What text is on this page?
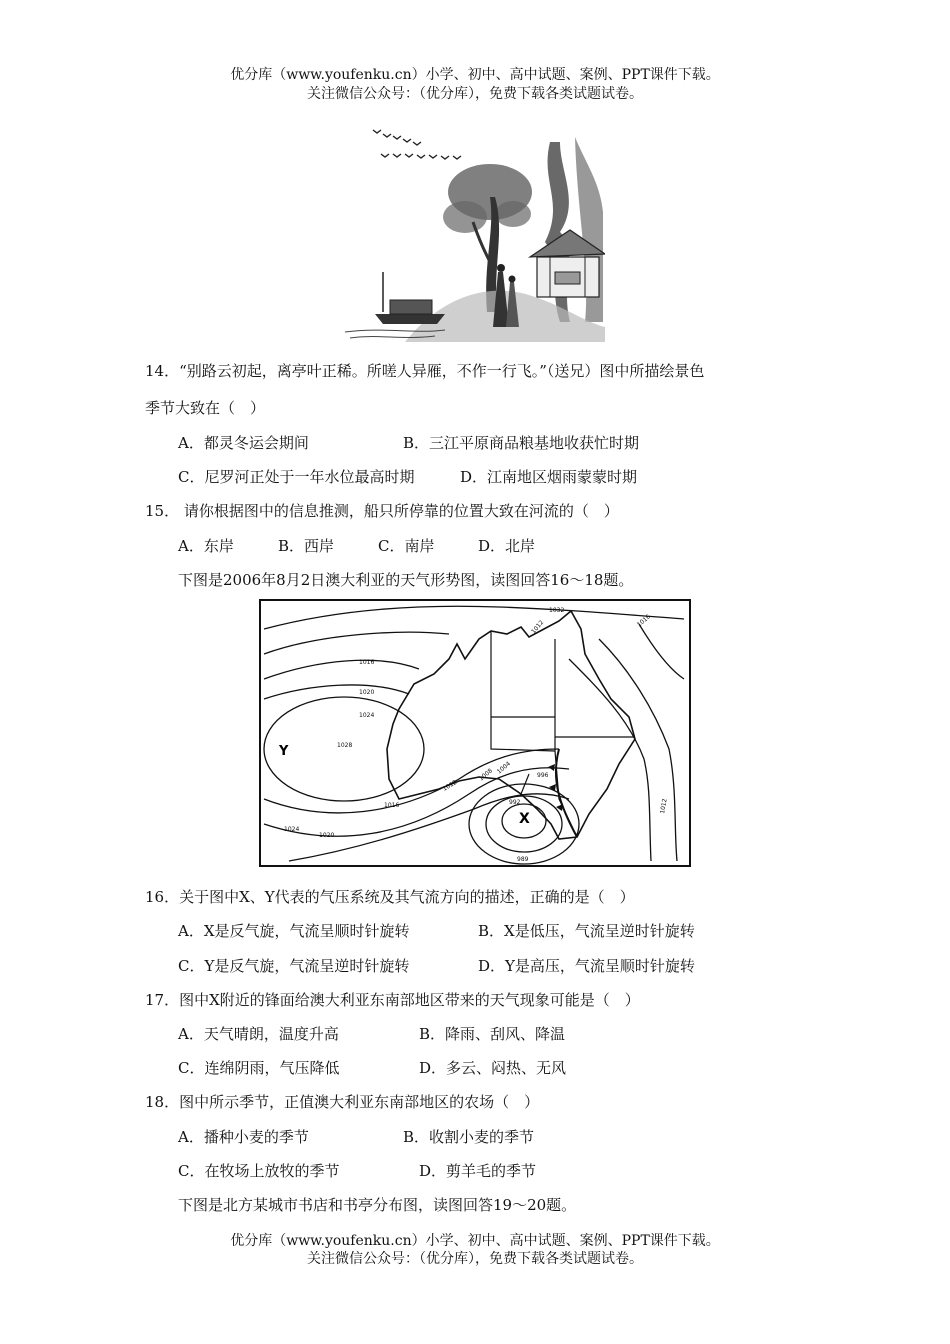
优分库（www.youfenku.cn）小学、初中、高中试题、案例、PPT课件下载。
关注微信公众号：（优分库），免费下载各类试题试卷。
14．“别路云初起，离亭叶正稀。所嗟人异雁，不作一行飞。”（送兄）图中所描绘景色
季节大致在（　）
A．都灵冬运会期间	B．三江平原商品粮基地收获忙时期
C．尼罗河正处于一年水位最高时期	D．江南地区烟雨蒙蒙时期
15． 请你根据图中的信息推测，船只所停靠的位置大致在河流的（　）
A．东岸	B．西岸	C．南岸	D．北岸
下图是2006年8月2日澳大利亚的天气形势图，读图回答16～18题。
Y
X
1032
1012
1016
1020
1024
1028
1024
1020
1016
1012
1008 1004
992
996
989
1012
1016
16．关于图中X、Y代表的气压系统及其气流方向的描述，正确的是（　）
A．X是反气旋，气流呈顺时针旋转	B．X是低压，气流呈逆时针旋转
C．Y是反气旋，气流呈逆时针旋转	D．Y是高压，气流呈顺时针旋转
17．图中X附近的锋面给澳大利亚东南部地区带来的天气现象可能是（　）
A．天气晴朗，温度升高	B．降雨、刮风、降温
C．连绵阴雨，气压降低	D．多云、闷热、无风
18．图中所示季节，正值澳大利亚东南部地区的农场（　）
A．播种小麦的季节	B．收割小麦的季节
C．在牧场上放牧的季节	D．剪羊毛的季节
下图是北方某城市书店和书亭分布图，读图回答19～20题。
优分库（www.youfenku.cn）小学、初中、高中试题、案例、PPT课件下载。
关注微信公众号：（优分库），免费下载各类试题试卷。
